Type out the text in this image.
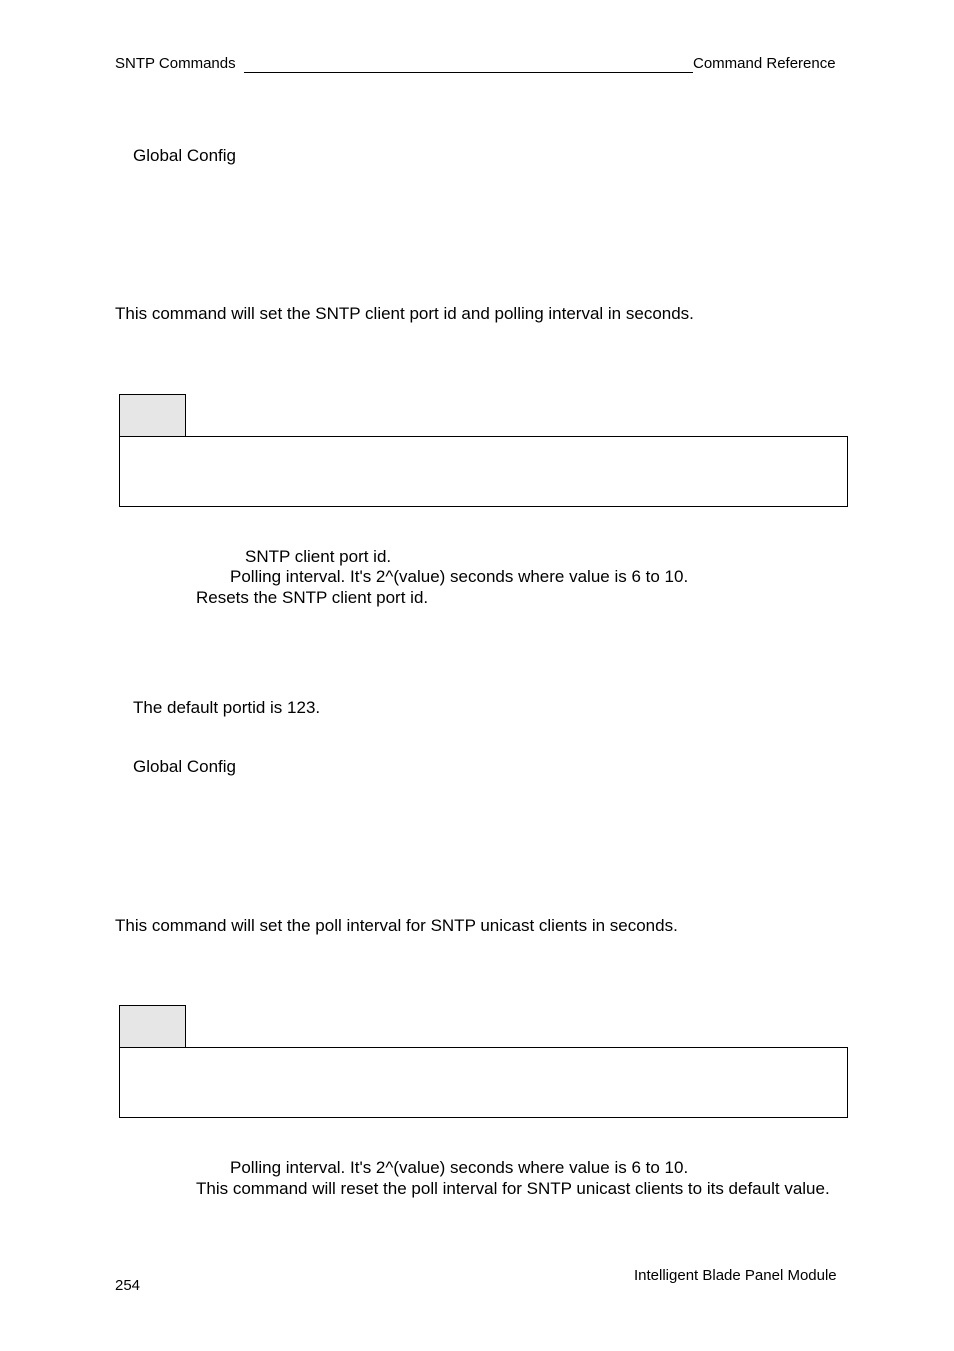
SNTP Commands	Command Reference
Global Config
This command will set the SNTP client port id and polling interval in seconds.
SNTP client port id.
Polling interval. It's 2^(value) seconds where value is 6 to 10.
Resets the SNTP client port id.
The default portid is 123.
Global Config
This command will set the poll interval for SNTP unicast clients in seconds.
Polling interval. It's 2^(value) seconds where value is 6 to 10.
This command will reset the poll interval for SNTP unicast clients to its default value.
254
Intelligent Blade Panel Module
